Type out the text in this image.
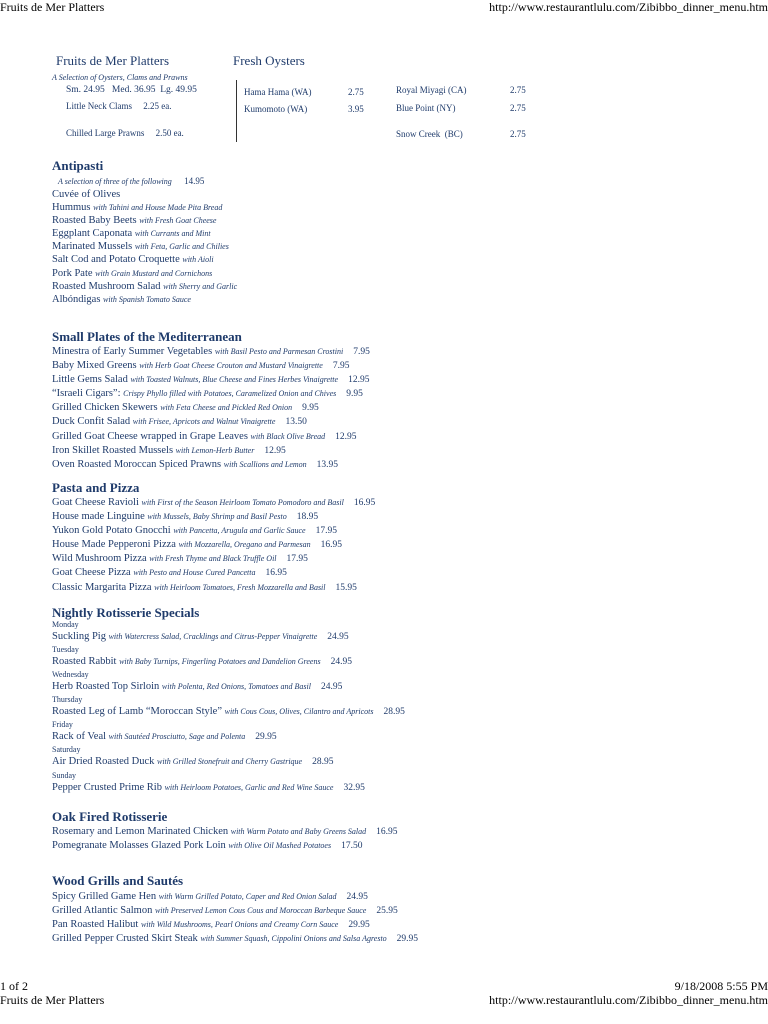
Fruits de Mer Platters	http://www.restaurantlulu.com/Zibibbo_dinner_menu.htm
1 of 2	9/18/2008 5:55 PM
Fruits de Mer Platters	http://www.restaurantlulu.com/Zibibbo_dinner_menu.htm
Fruits de Mer Platters
A Selection of Oysters, Clams and Prawns
Sm. 24.95   Med. 36.95  Lg. 49.95
Little Neck Clams     2.25 ea.
Chilled Large Prawns     2.50 ea.
Fresh Oysters
Hama Hama (WA)	2.75
Kumomoto (WA)	3.95
Royal Miyagi (CA)	2.75
Blue Point (NY)	2.75
Snow Creek  (BC)	2.75
Antipasti
A selection of three of the following 14.95
Cuvée of Olives
Hummus with Tahini and House Made Pita Bread
Roasted Baby Beets with Fresh Goat Cheese
Eggplant Caponata with Currants and Mint
Marinated Mussels with Feta, Garlic and Chilies
Salt Cod and Potato Croquette with Aioli
Pork Pate with Grain Mustard and Cornichons
Roasted Mushroom Salad with Sherry and Garlic
Albóndigas with Spanish Tomato Sauce
Small Plates of the Mediterranean
Minestra of Early Summer Vegetables with Basil Pesto and Parmesan Crostini 7.95
Baby Mixed Greens with Herb Goat Cheese Crouton and Mustard Vinaigrette 7.95
Little Gems Salad with Toasted Walnuts, Blue Cheese and Fines Herbes Vinaigrette 12.95
“Israeli Cigars”: Crispy Phyllo filled with Potatoes, Caramelized Onion and Chives 9.95
Grilled Chicken Skewers with Feta Cheese and Pickled Red Onion 9.95
Duck Confit Salad with Frisee, Apricots and Walnut Vinaigrette 13.50
Grilled Goat Cheese wrapped in Grape Leaves with Black Olive Bread 12.95
Iron Skillet Roasted Mussels with Lemon-Herb Butter 12.95
Oven Roasted Moroccan Spiced Prawns with Scallions and Lemon 13.95
Pasta and Pizza
Goat Cheese Ravioli with First of the Season Heirloom Tomato Pomodoro and Basil 16.95
House made Linguine with Mussels, Baby Shrimp and Basil Pesto 18.95
Yukon Gold Potato Gnocchi with Pancetta, Arugula and Garlic Sauce 17.95
House Made Pepperoni Pizza with Mozzarella, Oregano and Parmesan 16.95
Wild Mushroom Pizza with Fresh Thyme and Black Truffle Oil 17.95
Goat Cheese Pizza with Pesto and House Cured Pancetta 16.95
Classic Margarita Pizza with Heirloom Tomatoes, Fresh Mozzarella and Basil 15.95
Nightly Rotisserie Specials
Monday
Suckling Pig with Watercress Salad, Cracklings and Citrus-Pepper Vinaigrette 24.95
Tuesday
Roasted Rabbit with Baby Turnips, Fingerling Potatoes and Dandelion Greens 24.95
Wednesday
Herb Roasted Top Sirloin with Polenta, Red Onions, Tomatoes and Basil 24.95
Thursday
Roasted Leg of Lamb “Moroccan Style” with Cous Cous, Olives, Cilantro and Apricots 28.95
Friday
Rack of Veal with Sautéed Prosciutto, Sage and Polenta 29.95
Saturday
Air Dried Roasted Duck with Grilled Stonefruit and Cherry Gastrique 28.95
Sunday
Pepper Crusted Prime Rib with Heirloom Potatoes, Garlic and Red Wine Sauce 32.95
Oak Fired Rotisserie
Rosemary and Lemon Marinated Chicken with Warm Potato and Baby Greens Salad 16.95
Pomegranate Molasses Glazed Pork Loin with Olive Oil Mashed Potatoes 17.50
Wood Grills and Sautés
Spicy Grilled Game Hen with Warm Grilled Potato, Caper and Red Onion Salad 24.95
Grilled Atlantic Salmon with Preserved Lemon Cous Cous and Moroccan Barbeque Sauce 25.95
Pan Roasted Halibut with Wild Mushrooms, Pearl Onions and Creamy Corn Sauce 29.95
Grilled Pepper Crusted Skirt Steak with Summer Squash, Cippolini Onions and Salsa Agresto 29.95
